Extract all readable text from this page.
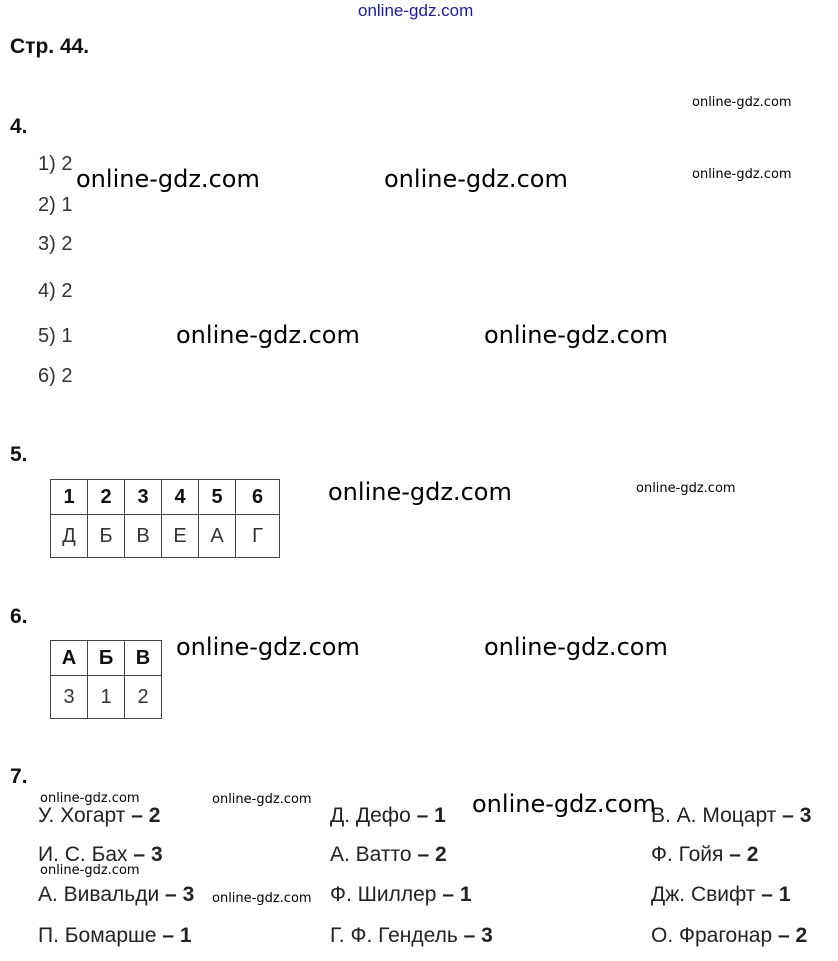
online-gdz.com
Стр. 44.
4.
1) 2
2) 1
3) 2
4) 2
5) 1
6) 2
5.
1	2	3	4	5	6
Д	Б	В	Е	А	Г
6.
А	Б	В
3	1	2
7.
У. Хогарт – 2
И. С. Бах – 3
А. Вивальди – 3
П. Бомарше – 1
Д. Дефо – 1
А. Ватто – 2
Ф. Шиллер – 1
Г. Ф. Гендель – 3
В. А. Моцарт – 3
Ф. Гойя – 2
Дж. Свифт – 1
О. Фрагонар – 2
online-gdz.com
online-gdz.com
online-gdz.com	online-gdz.com
online-gdz.com	online-gdz.com
online-gdz.com	online-gdz.com
online-gdz.com	online-gdz.com
online-gdz.com	online-gdz.com	online-gdz.com
online-gdz.com
online-gdz.com
